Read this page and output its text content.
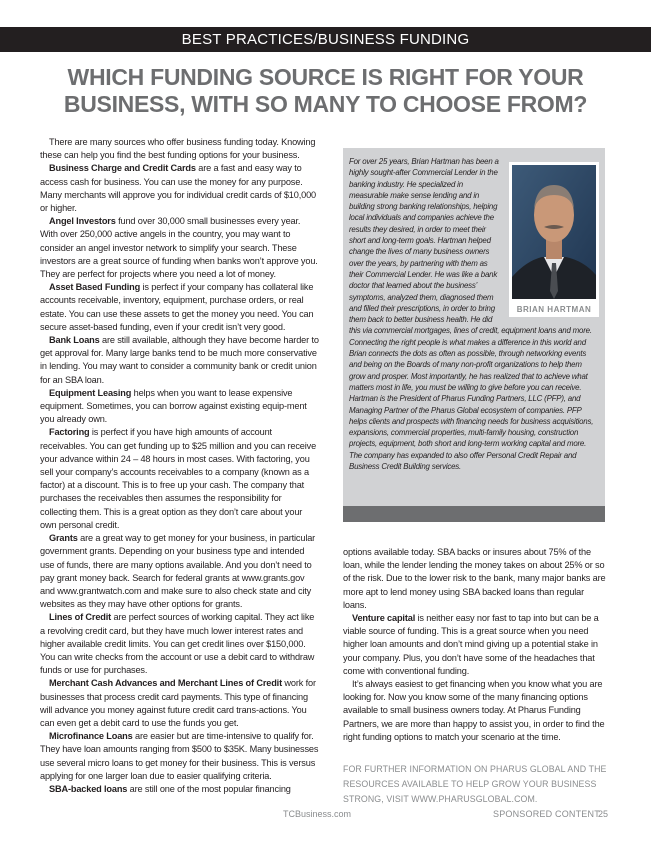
BEST PRACTICES/BUSINESS FUNDING
WHICH FUNDING SOURCE IS RIGHT FOR YOUR
BUSINESS, WITH SO MANY TO CHOOSE FROM?

There are many sources who offer business funding today. Knowing these can help you find the best funding options for your business.

Business Charge and Credit Cards are a fast and easy way to access cash for business. You can use the money for any purpose. Many merchants will approve you for individual credit cards of $10,000 or higher.

Angel Investors fund over 30,000 small businesses every year. With over 250,000 active angels in the country, you may want to consider an angel investor network to simplify your search. These investors are a great source of funding when banks won’t approve you. They are perfect for projects where you need a lot of money.

Asset Based Funding is perfect if your company has collateral like accounts receivable, inventory, equipment, purchase orders, or real estate. You can use these assets to get the money you need. You can secure asset-based funding, even if your credit isn’t very good.

Bank Loans are still available, although they have become harder to get approval for. Many large banks tend to be much more conservative in lending. You may want to consider a community bank or credit union for an SBA loan.

Equipment Leasing helps when you want to lease expensive equipment. Sometimes, you can borrow against existing equip-ment you already own.

Factoring is perfect if you have high amounts of account receivables. You can get funding up to $25 million and you can receive your advance within 24 – 48 hours in most cases. With factoring, you sell your company’s accounts receivables to a company (known as a factor) at a discount. This is to free up your cash. The company that purchases the receivables then assumes the responsibility for collecting them. This is a great option as they don’t care about your own personal credit.

Grants are a great way to get money for your business, in particular government grants. Depending on your business type and intended use of funds, there are many options available. And you don’t need to pay grant money back. Search for federal grants at www.grants.gov and www.grantwatch.com and make sure to also check state and city websites as they may have other options for grants.

Lines of Credit are perfect sources of working capital. They act like a revolving credit card, but they have much lower interest rates and higher available credit limits. You can get credit lines over $150,000. You can write checks from the account or use a debit card to withdraw funds or use for purchases.

Merchant Cash Advances and Merchant Lines of Credit work for businesses that process credit card payments. This type of financing will advance you money against future credit card trans-actions. You can even get a debit card to use the funds you get.

Microfinance Loans are easier but are time-intensive to qualify for. They have loan amounts ranging from $500 to $35K. Many businesses use several micro loans to get money for their business. This is versus applying for one larger loan due to easier qualifying criteria.

SBA-backed loans are still one of the most popular financing

BRIAN HARTMAN

For over 25 years, Brian Hartman has been a highly sought-after Commercial Lender in the banking industry. He specialized in measurable make sense lending and in building strong banking relationships, helping local individuals and companies achieve the results they desired, in order to meet their short and long-term goals. Hartman helped change the lives of many business owners over the years, by partnering with them as their Commercial Lender. He was like a bank doctor that learned about the business’ symptoms, analyzed them, diagnosed them and filled their prescriptions, in order to bring them back to better business health. He did this via commercial mortgages, lines of credit, equipment loans and more.

Connecting the right people is what makes a difference in this world and Brian connects the dots as often as possible, through networking events and being on the Boards of many non-profit organizations to help them grow and prosper. Most importantly, he has realized that to achieve what matters most in life, you must be willing to give before you can receive.

Hartman is the President of Pharus Funding Partners, LLC (PFP), and Managing Partner of the Pharus Global ecosystem of companies. PFP helps clients and prospects with financing needs for business acquisitions, expansions, commercial properties, multi-family housing, construction projects, equipment, both short and long-term working capital and more. The company has expanded to also offer Personal Credit Repair and Business Credit Building services.

options available today. SBA backs or insures about 75% of the loan, while the lender lending the money takes on about 25% or so of the risk. Due to the lower risk to the bank, many major banks are more apt to lend money using SBA backed loans than regular loans.

Venture capital is neither easy nor fast to tap into but can be a viable source of funding. This is a great source when you need higher loan amounts and don’t mind giving up a potential stake in your company. Plus, you don’t have some of the headaches that come with conventional funding.

It’s always easiest to get financing when you know what you are looking for. Now you know some of the many financing options available to small business owners today. At Pharus Funding Partners, we are more than happy to assist you, in order to find the right funding options to match your scenario at the time.

FOR FURTHER INFORMATION ON PHARUS GLOBAL AND THE RESOURCES AVAILABLE TO HELP GROW YOUR BUSINESS STRONG, VISIT WWW.PHARUSGLOBAL.COM.
TCBusiness.com	SPONSORED CONTENT
25
